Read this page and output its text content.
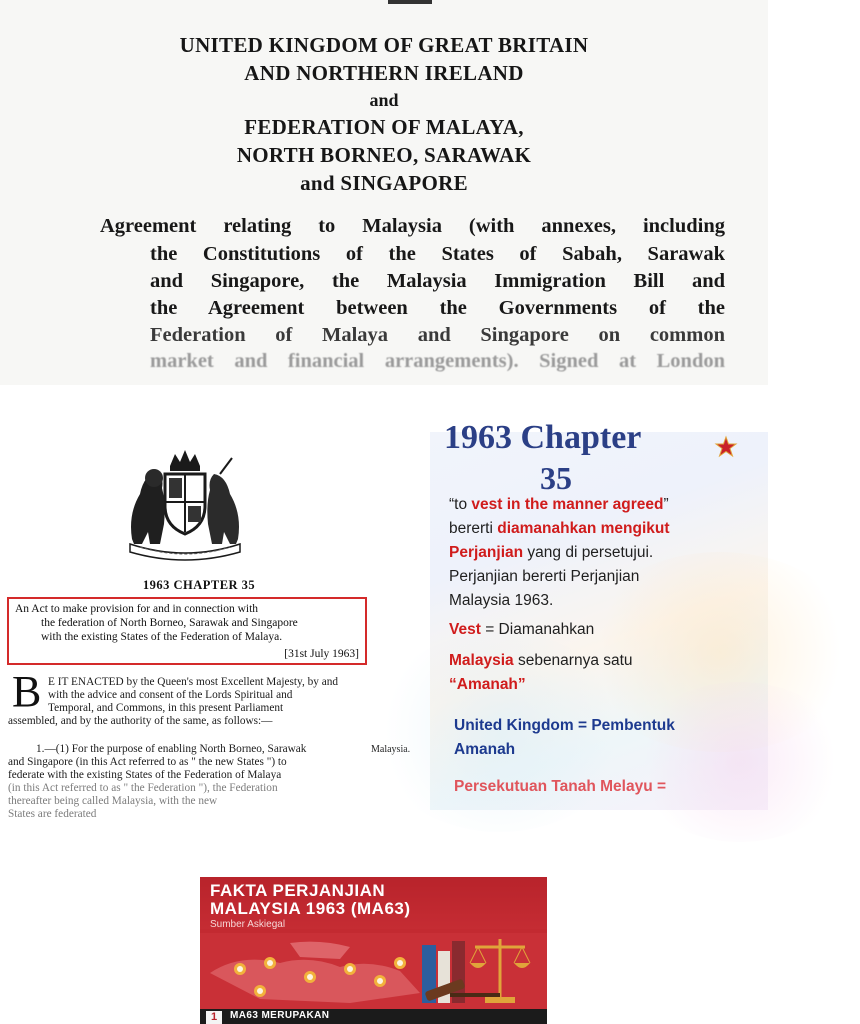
UNITED KINGDOM OF GREAT BRITAIN
AND NORTHERN IRELAND
and
FEDERATION OF MALAYA,
NORTH BORNEO, SARAWAK
and SINGAPORE
Agreement relating to Malaysia (with annexes, including
the Constitutions of the States of Sabah, Sarawak
and Singapore, the Malaysia Immigration Bill and
the Agreement between the Governments of the
Federation of Malaya and Singapore on common
market and financial arrangements). Signed at London
1963 CHAPTER 35
An Act to make provision for and in connection with
the federation of North Borneo, Sarawak and Singapore
with the existing States of the Federation of Malaya.
[31st July 1963]
B E IT ENACTED by the Queen's most Excellent Majesty, by and
with the advice and consent of the Lords Spiritual and
Temporal, and Commons, in this present Parliament
assembled, and by the authority of the same, as follows:—
1.—(1) For the purpose of enabling North Borneo, Sarawak
and Singapore (in this Act referred to as " the new States ") to
federate with the existing States of the Federation of Malaya
(in this Act referred to as " the Federation "), the Federation
thereafter being called Malaysia, with the new
States are federated
Malaysia.
1963 Chapter
35
“to vest in the manner agreed”
bererti diamanahkan mengikut
Perjanjian yang di persetujui.
Perjanjian bererti Perjanjian
Malaysia 1963.
Vest = Diamanahkan
Malaysia sebenarnya satu
“Amanah”
United Kingdom = Pembentuk
Amanah
Persekutuan Tanah Melayu =
FAKTA PERJANJIAN
MALAYSIA 1963 (MA63)
Sumber Askiegal
1	MA63 MERUPAKAN
